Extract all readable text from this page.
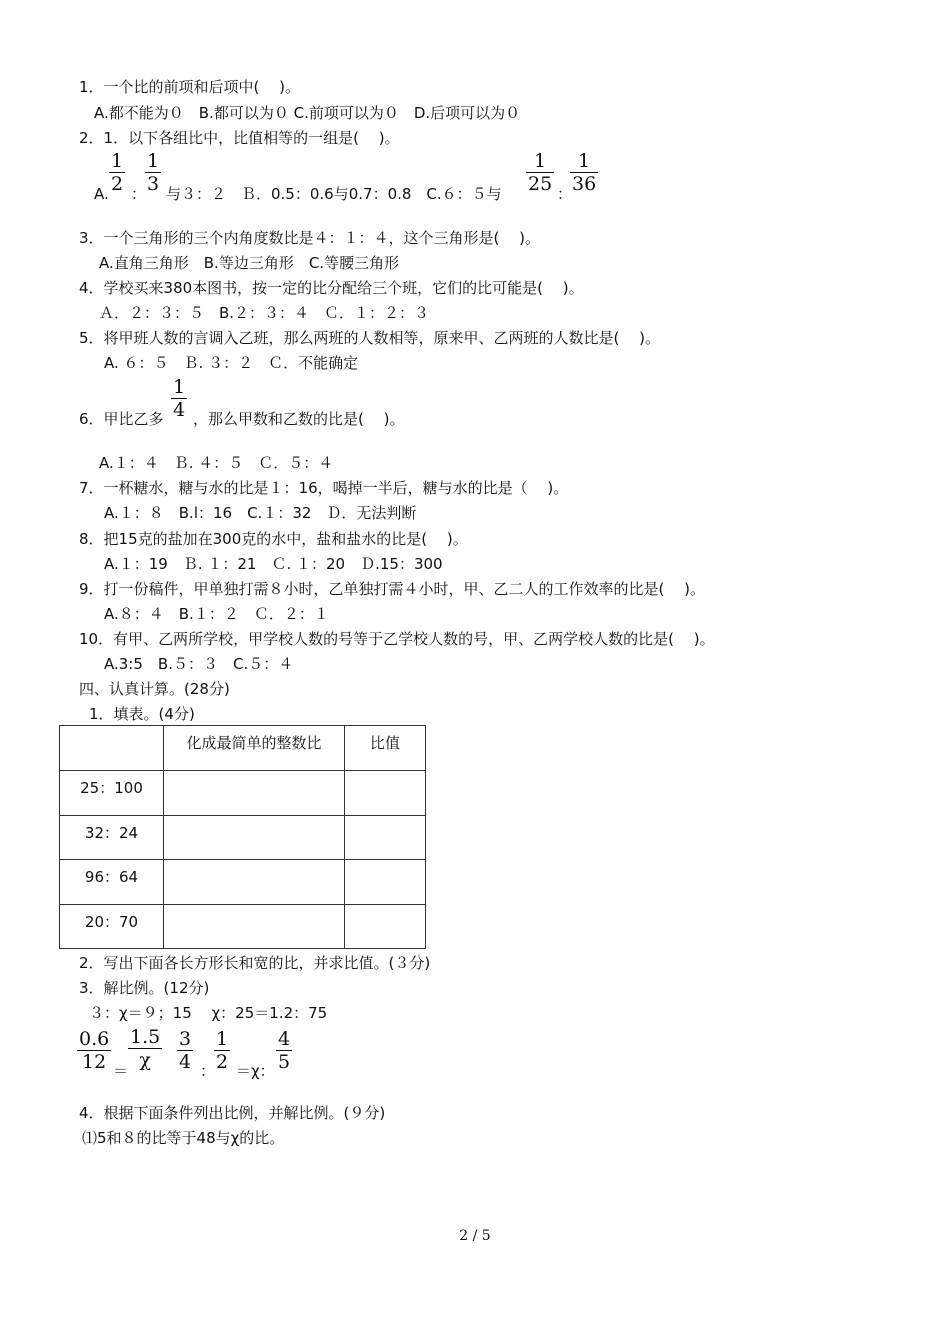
1．一个比的前项和后项中(　 )。
A.都不能为０　B.都可以为０ C.前项可以为０　D.后项可以为０
2．1．以下各组比中，比值相等的一组是(　 )。
A.
1
2 ：
1
3 与３：２　Ｂ．0.5：0.6与0.7：0.8　C.６：５与
1
25 ：
1
36
3．一个三角形的三个内角度数比是４：１：４，这个三角形是(　 )。
A.直角三角形　B.等边三角形　C.等腰三角形
4．学校买来380本图书，按一定的比分配给三个班，它们的比可能是(　 )。
Ａ．２：３：５　B.２：３：４　Ｃ．１：２：３
5．将甲班人数的言调入乙班，那么两班的人数相等，原来甲、乙两班的人数比是(　 )。
A. ６：５　Ｂ. ３：２　Ｃ．不能确定
6．甲比乙多
1
4 ，那么甲数和乙数的比是(　 )。
A.１：４　Ｂ. ４：５　Ｃ．５：４
7．一杯糖水，糖与水的比是１：16，喝掉一半后，糖与水的比是（　 )。
A.１：８　B.l：16　C.１：32　Ｄ．无法判断
8．把15克的盐加在300克的水中，盐和盐水的比是(　 )。
A.１：19　Ｂ. １：21　Ｃ. １：20　Ｄ.15：300
9．打一份稿件，甲单独打需８小时，乙单独打需４小时，甲、乙二人的工作效率的比是(　 )。
A.８：４　B.１：２　Ｃ．２：１
10．有甲、乙两所学校，甲学校人数的号等于乙学校人数的号，甲、乙两学校人数的比是(　 )。
A.3:5　B.５：３　C.５：４
四、认真计算。(28分)
1．填表。(4分)
	化成最简单的整数比	比值
25：100		
32：24		
96：64		
20：70		
2．写出下面各长方形长和宽的比，并求比值。(３分)
3．解比例。(12分)
３：χ＝９；15　 χ：25＝1.2：75
0.6
12 ＝
1.5
χ
3
4 ：
1
2 ＝χ：
4
5
4．根据下面条件列出比例，并解比例。(９分)
⑴5和８的比等于48与χ的比。
2 / 5
